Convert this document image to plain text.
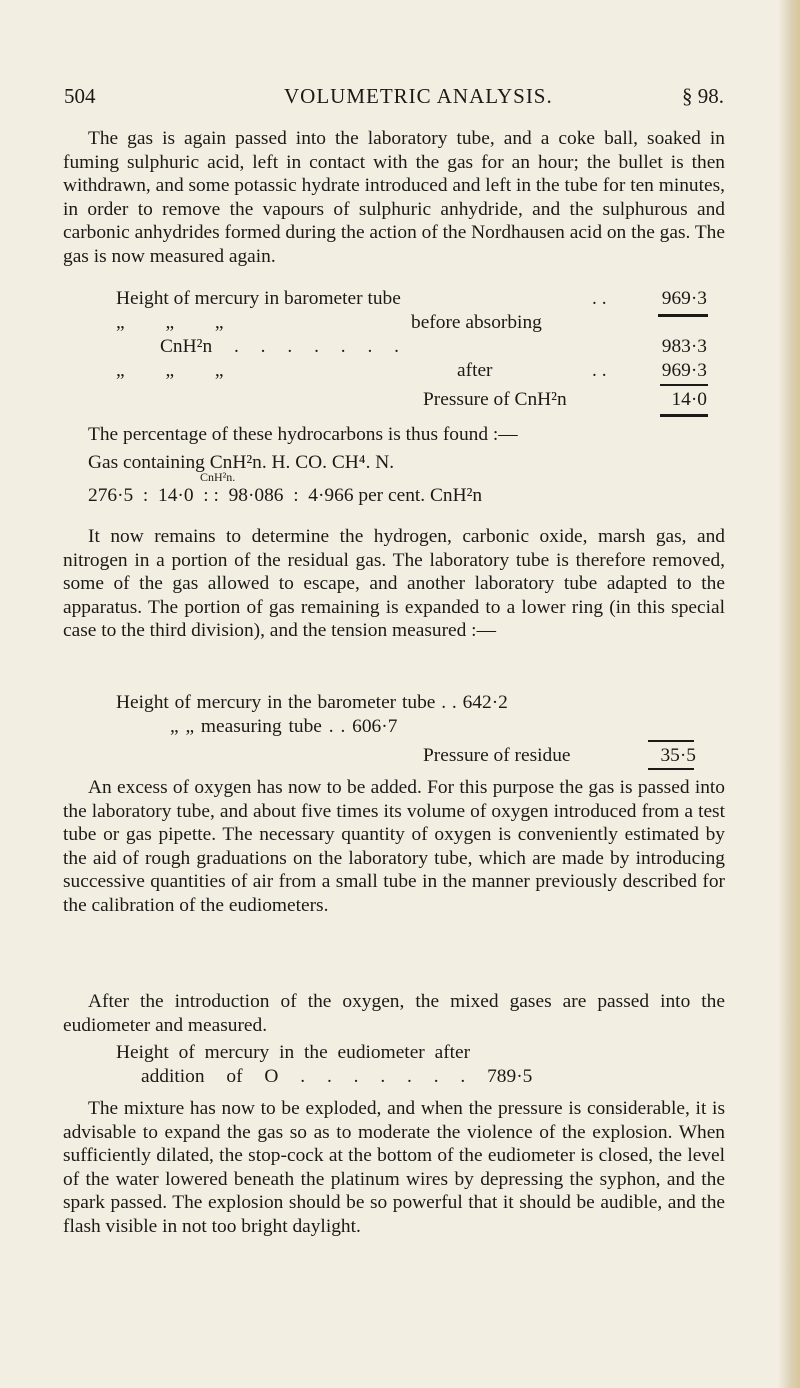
504	VOLUMETRIC ANALYSIS.	§ 98.

The gas is again passed into the laboratory tube, and a coke ball, soaked in fuming sulphuric acid, left in contact with the gas for an hour; the bullet is then withdrawn, and some potassic hydrate introduced and left in the tube for ten minutes, in order to remove the vapours of sulphuric anhydride, and the sulphurous and carbonic anhydrides formed during the action of the Nordhausen acid on the gas. The gas is now measured again.

Height of mercury in barometer tube	. .	969·3
„ „ „	before absorbing
CnH²n . . . . . . .	983·3
„ „ „	after	. .	969·3
Pressure of CnH²n	14·0

The percentage of these hydrocarbons is thus found :—

Gas containing CnH²n. H. CO. CH⁴. N.
CnH²n.
276·5  :  14·0  : :  98·086  :  4·966 per cent. CnH²n

It now remains to determine the hydrogen, carbonic oxide, marsh gas, and nitrogen in a portion of the residual gas. The laboratory tube is therefore removed, some of the gas allowed to escape, and another laboratory tube adapted to the apparatus. The portion of gas remaining is expanded to a lower ring (in this special case to the third division), and the tension measured :—

Height of mercury in the barometer tube . . 642·2
„ „ measuring tube . . 606·7
Pressure of residue	35·5

An excess of oxygen has now to be added. For this purpose the gas is passed into the laboratory tube, and about five times its volume of oxygen introduced from a test tube or gas pipette. The necessary quantity of oxygen is conveniently estimated by the aid of rough graduations on the laboratory tube, which are made by introducing successive quantities of air from a small tube in the manner previously described for the calibration of the eudiometers.

After the introduction of the oxygen, the mixed gases are passed into the eudiometer and measured.

Height of mercury in the eudiometer after
addition of O . . . . . . . 789·5

The mixture has now to be exploded, and when the pressure is considerable, it is advisable to expand the gas so as to moderate the violence of the explosion. When sufficiently dilated, the stop-cock at the bottom of the eudiometer is closed, the level of the water lowered beneath the platinum wires by depressing the syphon, and the spark passed. The explosion should be so powerful that it should be audible, and the flash visible in not too bright daylight.
